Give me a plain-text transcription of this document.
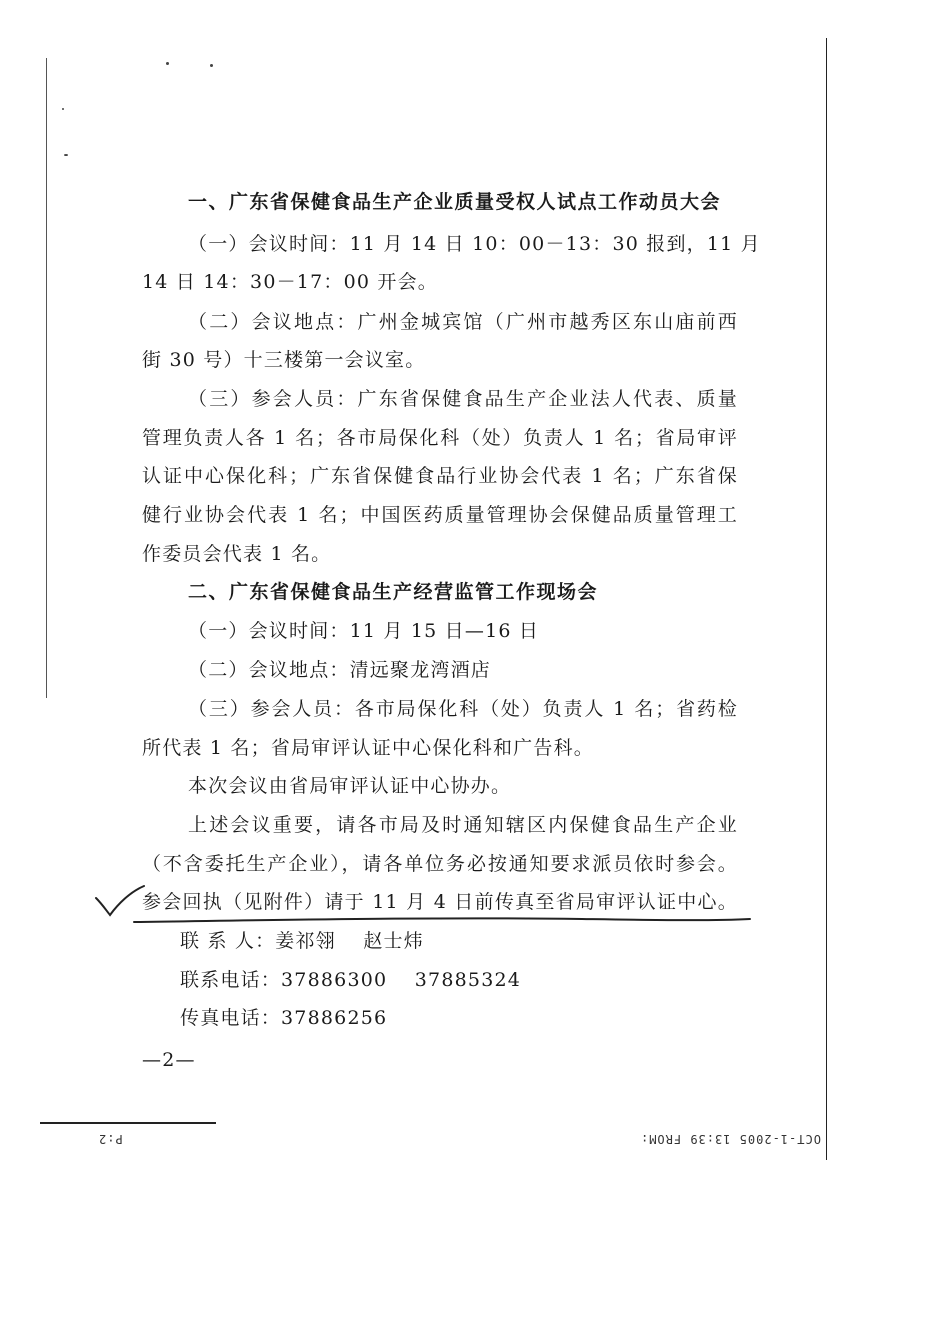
一、广东省保健食品生产企业质量受权人试点工作动员大会
（一）会议时间：11 月 14 日 10：00－13：30 报到，11 月
14 日 14：30－17：00 开会。
（二）会议地点：广州金城宾馆（广州市越秀区东山庙前西
街 30 号）十三楼第一会议室。
（三）参会人员：广东省保健食品生产企业法人代表、质量
管理负责人各 1 名；各市局保化科（处）负责人 1 名；省局审评
认证中心保化科；广东省保健食品行业协会代表 1 名；广东省保
健行业协会代表 1 名；中国医药质量管理协会保健品质量管理工
作委员会代表 1 名。
二、广东省保健食品生产经营监管工作现场会
（一）会议时间：11 月 15 日—16 日
（二）会议地点：清远聚龙湾酒店
（三）参会人员：各市局保化科（处）负责人 1 名；省药检
所代表 1 名；省局审评认证中心保化科和广告科。
本次会议由省局审评认证中心协办。
上述会议重要，请各市局及时通知辖区内保健食品生产企业
（不含委托生产企业），请各单位务必按通知要求派员依时参会。
参会回执（见附件）请于 11 月 4 日前传真至省局审评认证中心。
联 系 人：姜祁翎　 赵士炜
联系电话：37886300　 37885324
传真电话：37886256
—2—
P:2	OCT-1-2005 13:39 FROM:
